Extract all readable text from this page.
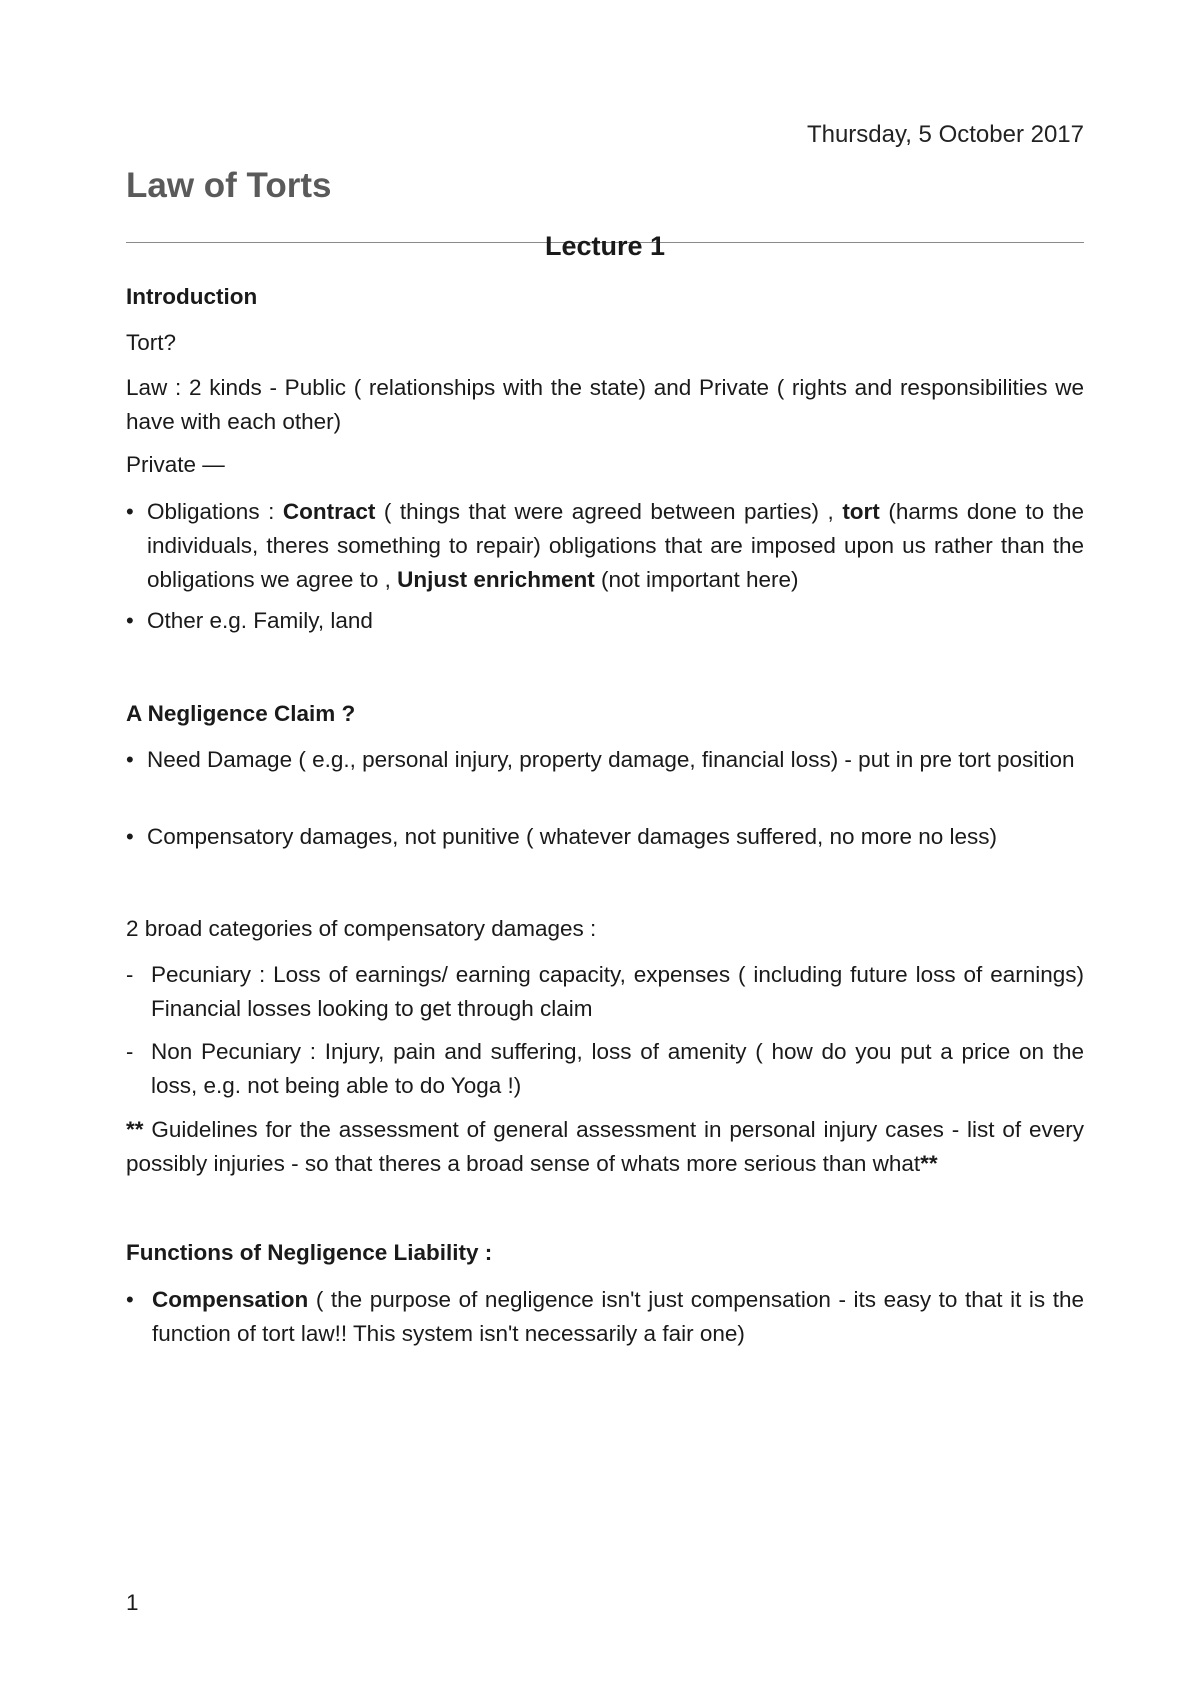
Thursday, 5 October 2017
Law of Torts
Lecture 1
Introduction
Tort?
Law : 2 kinds - Public ( relationships with the state) and Private ( rights and responsibilities we have with each other)
Private —
• Obligations : Contract ( things that were agreed between parties) , tort (harms done to the individuals, theres something to repair) obligations that are imposed upon us rather than the obligations we agree to , Unjust enrichment (not important here)
• Other e.g. Family, land
A Negligence Claim ?
• Need Damage ( e.g., personal injury, property damage, financial loss) - put in pre tort position
• Compensatory damages, not punitive ( whatever damages suffered, no more no less)
2 broad categories of compensatory damages :
- Pecuniary : Loss of earnings/ earning capacity, expenses ( including future loss of earnings) Financial losses looking to get through claim
- Non Pecuniary : Injury, pain and suffering, loss of amenity ( how do you put a price on the loss, e.g. not being able to do Yoga !)
** Guidelines for the assessment of general assessment in personal injury cases - list of every possibly injuries - so that theres a broad sense of whats more serious than what**
Functions of Negligence Liability :
• Compensation ( the purpose of negligence isn't just compensation - its easy to that it is the function of tort law!! This system isn't necessarily a fair one)
1
